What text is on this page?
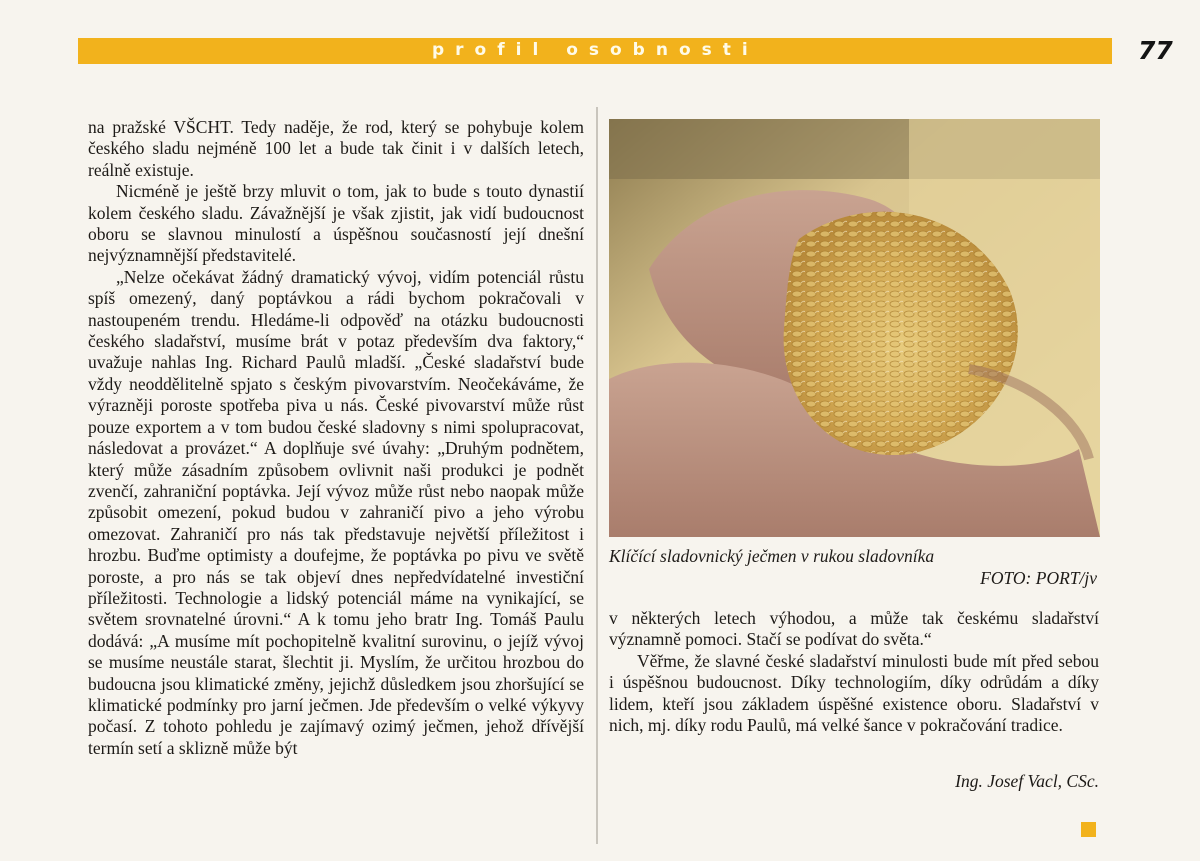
profil osobnosti	77

na pražské VŠCHT. Tedy naděje, že rod, který se pohybuje kolem českého sladu nejméně 100 let a bude tak činit i v dalších letech, reálně existuje.

Nicméně je ještě brzy mluvit o tom, jak to bude s touto dynastií kolem českého sladu. Závažnější je však zjistit, jak vidí budoucnost oboru se slavnou minulostí a úspěšnou současností její dnešní nejvýznamnější představitelé.

„Nelze očekávat žádný dramatický vývoj, vidím potenciál růstu spíš omezený, daný poptávkou a rádi bychom pokračovali v nastoupeném trendu. Hledáme-li odpověď na otázku budoucnosti českého sladařství, musíme brát v potaz především dva faktory,“ uvažuje nahlas Ing. Richard Paulů mladší. „České sladařství bude vždy neoddělitelně spjato s českým pivovarstvím. Neočekáváme, že výrazněji poroste spotřeba piva u nás. České pivovarství může růst pouze exportem a v tom budou české sladovny s nimi spolupracovat, následovat a provázet.“ A doplňuje své úvahy: „Druhým podnětem, který může zásadním způsobem ovlivnit naši produkci je podnět zvenčí, zahraniční poptávka. Její vývoz může růst nebo naopak může způsobit omezení, pokud budou v zahraničí pivo a jeho výrobu omezovat. Zahraničí pro nás tak představuje největší příležitost i hrozbu. Buďme optimisty a doufejme, že poptávka po pivu ve světě poroste, a pro nás se tak objeví dnes nepředvídatelné investiční příležitosti. Technologie a lidský potenciál máme na vynikající, se světem srovnatelné úrovni.“ A k tomu jeho bratr Ing. Tomáš Paulu dodává: „A musíme mít pochopitelně kvalitní surovinu, o jejíž vývoj se musíme neustále starat, šlechtit ji. Myslím, že určitou hrozbou do budoucna jsou klimatické změny, jejichž důsledkem jsou zhoršující se klimatické podmínky pro jarní ječmen. Jde především o velké výkyvy počasí. Z tohoto pohledu je zajímavý ozimý ječmen, jehož dřívější termín setí a sklizně může být

Klíčící sladovnický ječmen v rukou sladovníka
FOTO: PORT/jv

v některých letech výhodou, a může tak českému sladařství významně pomoci. Stačí se podívat do světa.“

Věřme, že slavné české sladařství minulosti bude mít před sebou i úspěšnou budoucnost. Díky technologiím, díky odrůdám a díky lidem, kteří jsou základem úspěšné existence oboru. Sladařství v nich, mj. díky rodu Paulů, má velké šance v pokračování tradice.

Ing. Josef Vacl, CSc.
